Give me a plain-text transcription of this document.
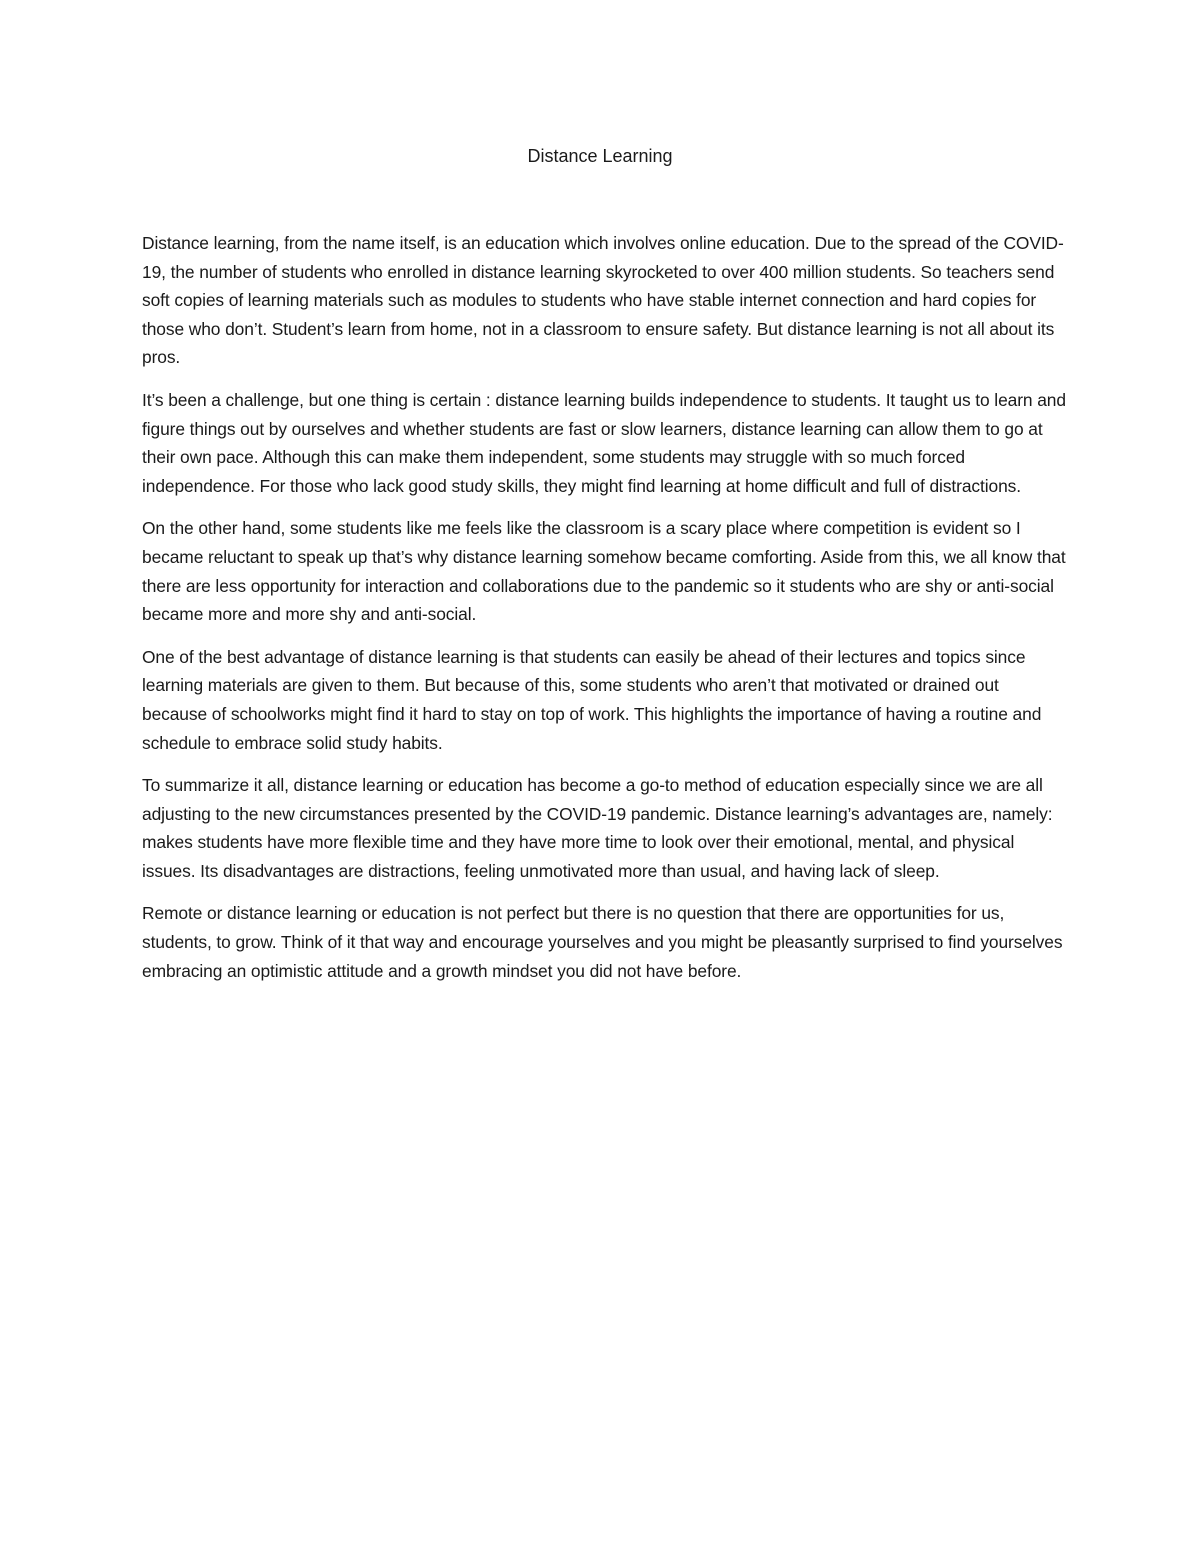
Distance Learning

Distance learning, from the name itself, is an education which involves online education. Due to the spread of the COVID-19, the number of students who enrolled in distance learning skyrocketed to over 400 million students. So teachers send soft copies of learning materials such as modules to students who have stable internet connection and hard copies for those who don’t. Student’s learn from home, not in a classroom to ensure safety. But distance learning is not all about its pros.

It’s been a challenge, but one thing is certain : distance learning builds independence to students. It taught us to learn and figure things out by ourselves and whether students are fast or slow learners, distance learning can allow them to go at their own pace. Although this can make them independent, some students may struggle with so much forced independence. For those who lack good study skills, they might find learning at home difficult and full of distractions.

On the other hand, some students like me feels like the classroom is a scary place where competition is evident so I became reluctant to speak up that’s why distance learning somehow became comforting. Aside from this, we all know that there are less opportunity for interaction and collaborations due to the pandemic so it students who are shy or anti-social became more and more shy and anti-social.

One of the best advantage of distance learning is that students can easily be ahead of their lectures and topics since learning materials are given to them. But because of this, some students who aren’t that motivated or drained out because of schoolworks might find it hard to stay on top of work. This highlights the importance of having a routine and schedule to embrace solid study habits.

To summarize it all, distance learning or education has become a go-to method of education especially since we are all adjusting to the new circumstances presented by the COVID-19 pandemic. Distance learning’s advantages are, namely: makes students have more flexible time and they have more time to look over their emotional, mental, and physical issues. Its disadvantages are distractions, feeling unmotivated more than usual, and having lack of sleep.

Remote or distance learning or education is not perfect but there is no question that there are opportunities for us, students, to grow. Think of it that way and encourage yourselves and you might be pleasantly surprised to find yourselves embracing an optimistic attitude and a growth mindset you did not have before.
